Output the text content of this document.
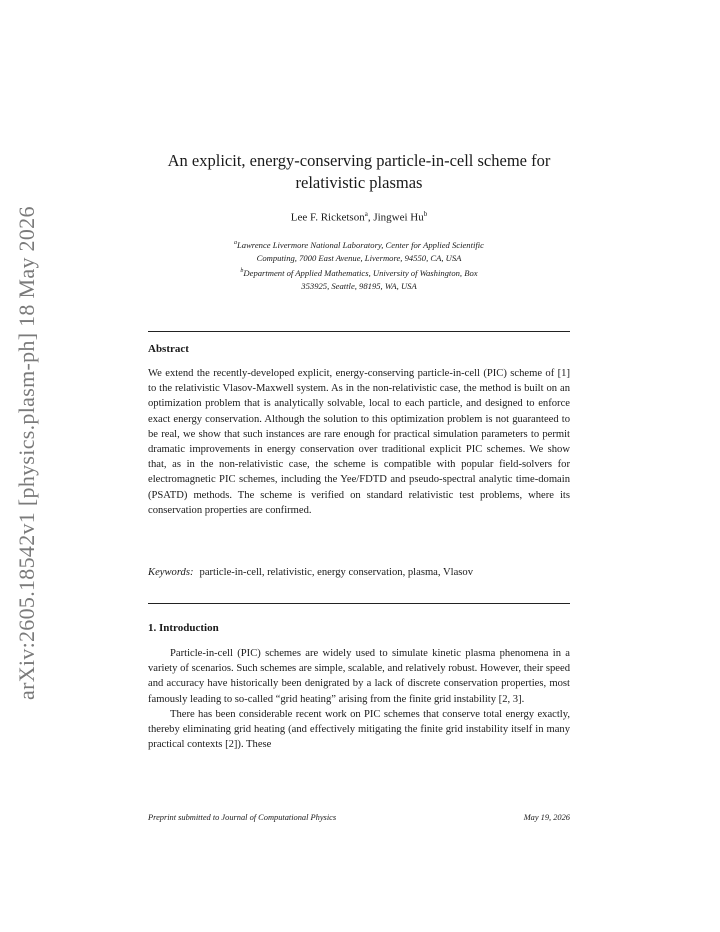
arXiv:2605.18542v1 [physics.plasm-ph] 18 May 2026
An explicit, energy-conserving particle-in-cell scheme for
relativistic plasmas
Lee F. Ricketson$^a$, Jingwei Hu$^b$
$^a$Lawrence Livermore National Laboratory, Center for Applied Scientific
Computing, 7000 East Avenue, Livermore, 94550, CA, USA
$^b$Department of Applied Mathematics, University of Washington, Box
353925, Seattle, 98195, WA, USA
Abstract
We extend the recently-developed explicit, energy-conserving particle-in-cell (PIC) scheme of [1] to the relativistic Vlasov-Maxwell system. As in the non-relativistic case, the method is built on an optimization problem that is analytically solvable, local to each particle, and designed to enforce exact energy conservation. Although the solution to this optimization problem is not guaranteed to be real, we show that such instances are rare enough for practical simulation parameters to permit dramatic improvements in energy conservation over traditional explicit PIC schemes. We show that, as in the non-relativistic case, the scheme is compatible with popular field-solvers for electromagnetic PIC schemes, including the Yee/FDTD and pseudo-spectral analytic time-domain (PSATD) methods. The scheme is verified on standard relativistic test problems, where its conservation properties are confirmed.
Keywords: particle-in-cell, relativistic, energy conservation, plasma, Vlasov
1. Introduction

Particle-in-cell (PIC) schemes are widely used to simulate kinetic plasma phenomena in a variety of scenarios. Such schemes are simple, scalable, and relatively robust. However, their speed and accuracy have historically been denigrated by a lack of discrete conservation properties, most famously leading to so-called “grid heating” arising from the finite grid instability [2, 3].

There has been considerable recent work on PIC schemes that conserve total energy exactly, thereby eliminating grid heating (and effectively mitigating the finite grid instability itself in many practical contexts [2]). These

Preprint submitted to Journal of Computational Physics	May 19, 2026
